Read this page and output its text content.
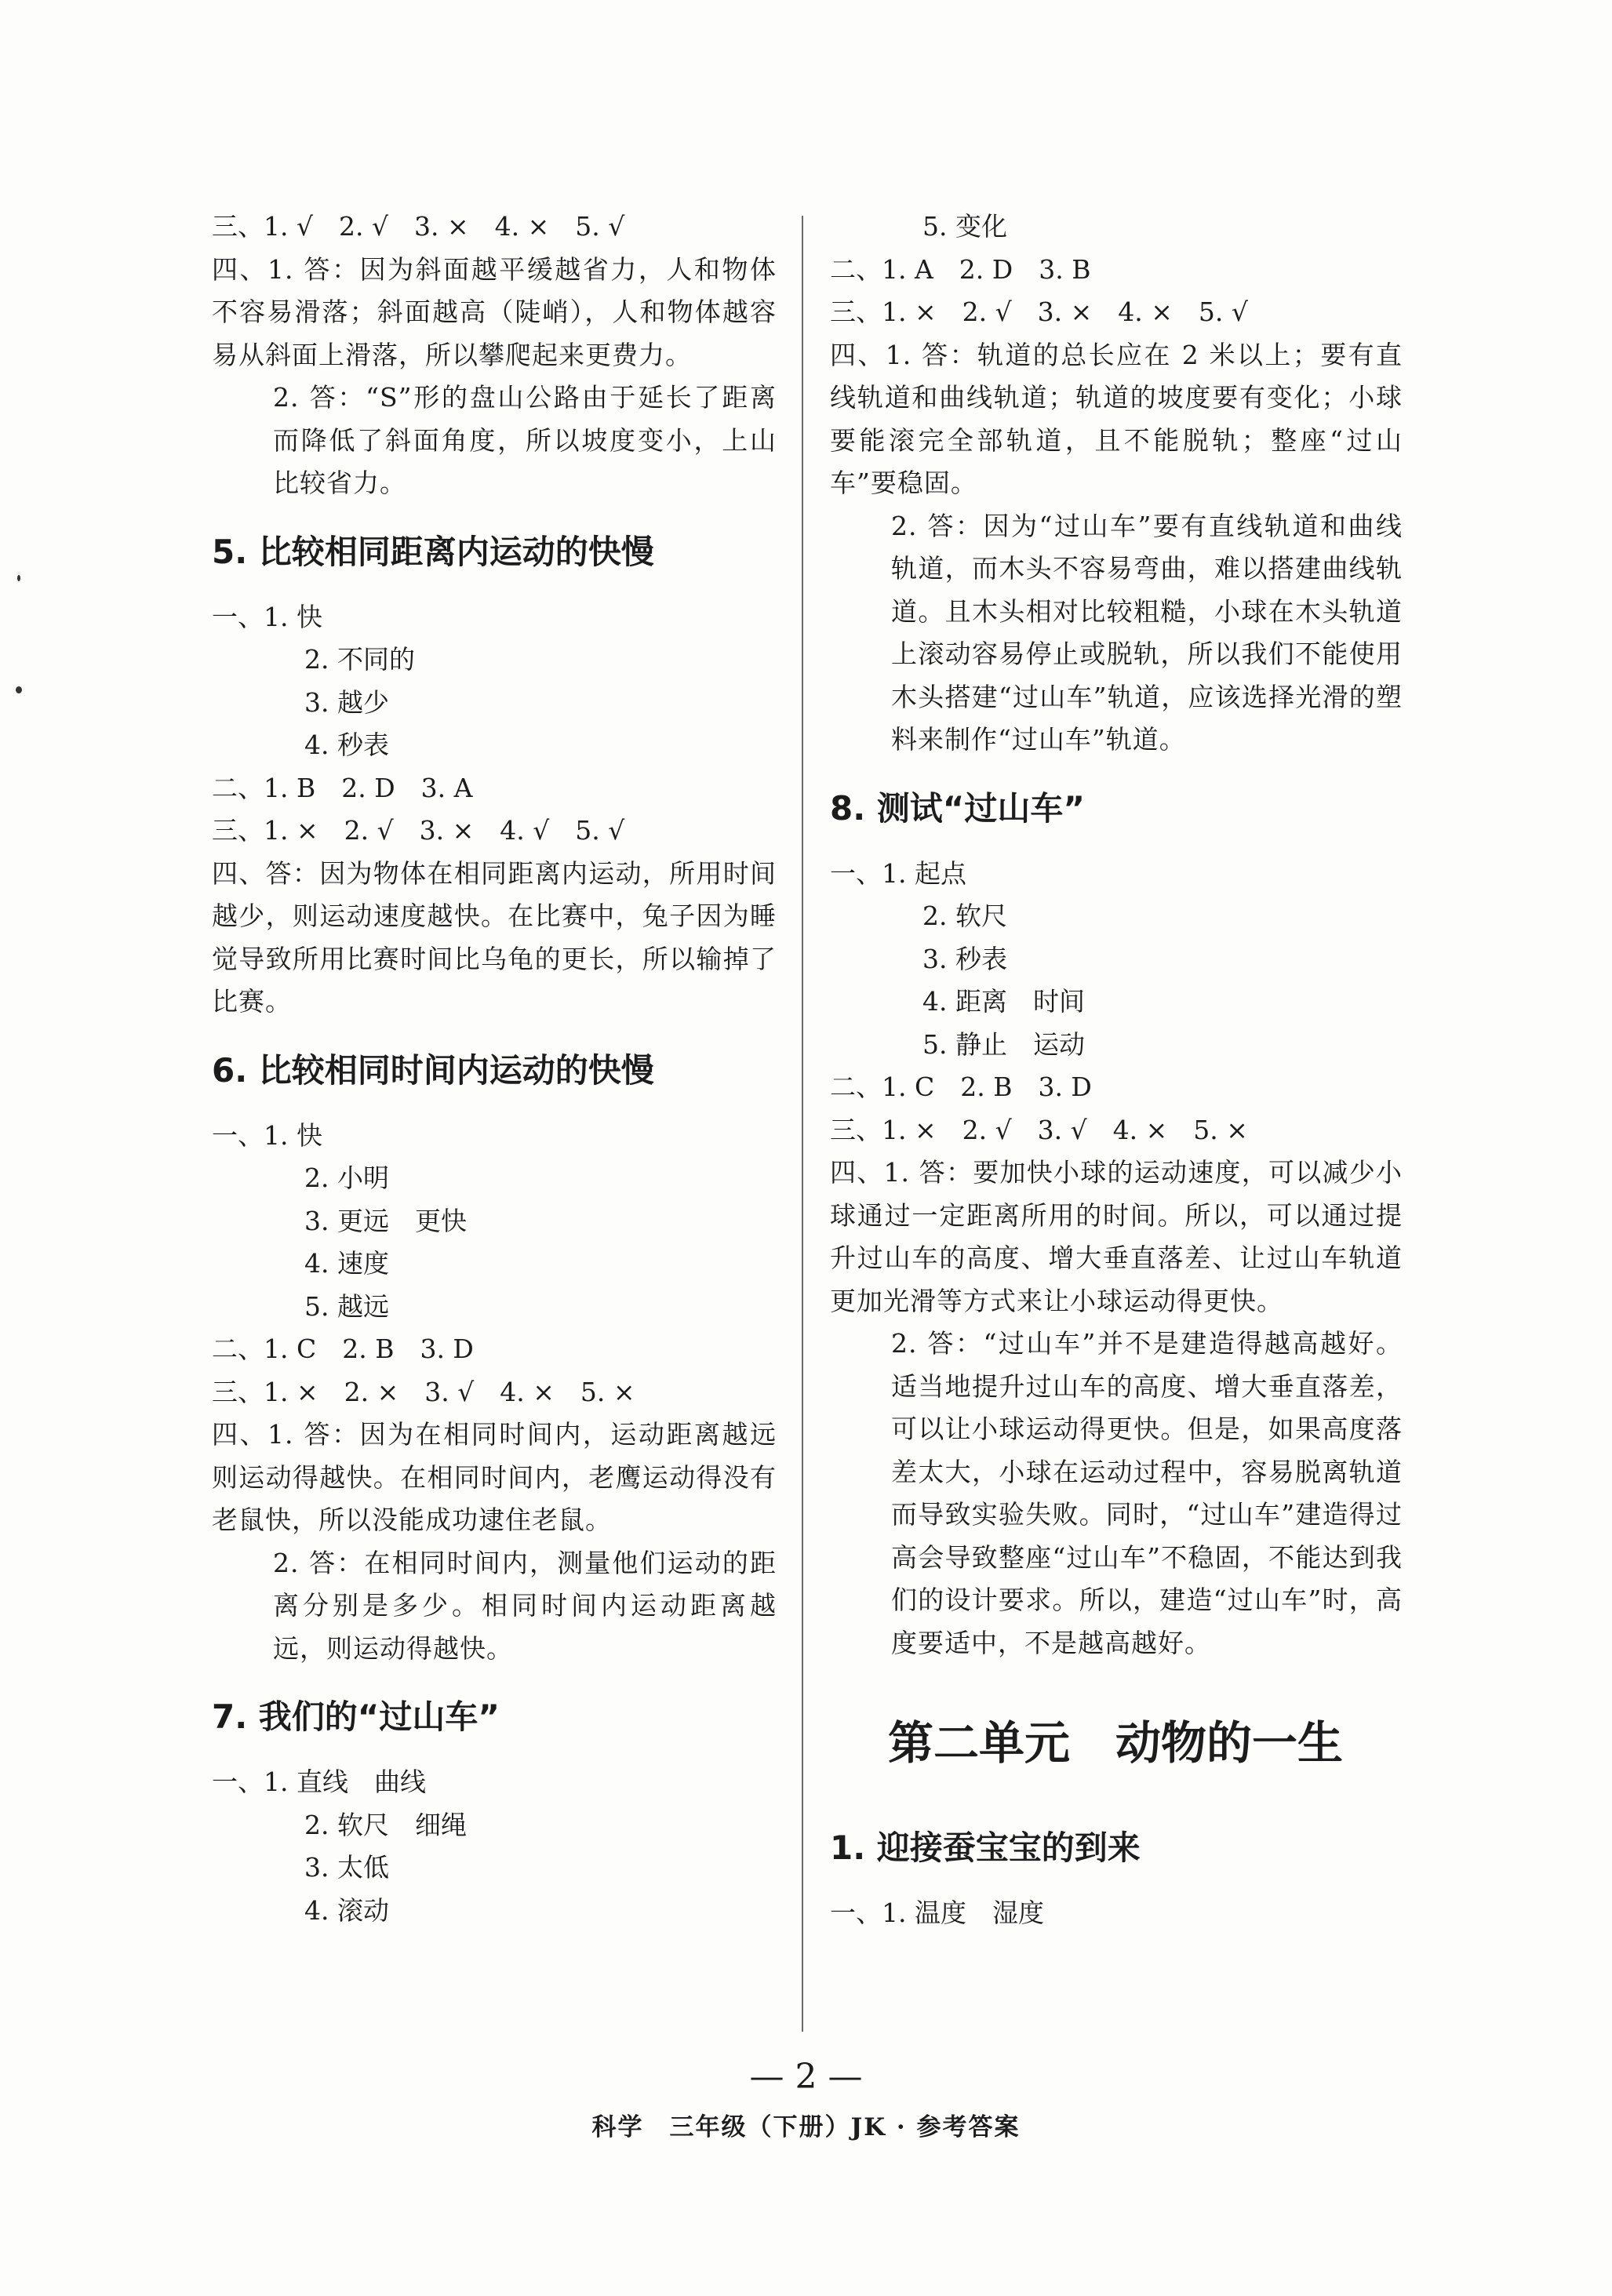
三、1. √　2. √　3. ×　4. ×　5. √
四、1. 答：因为斜面越平缓越省力，人和物体不容易滑落；斜面越高（陡峭），人和物体越容易从斜面上滑落，所以攀爬起来更费力。
2. 答：“S”形的盘山公路由于延长了距离而降低了斜面角度，所以坡度变小，上山比较省力。
5. 比较相同距离内运动的快慢
一、1. 快
2. 不同的
3. 越少
4. 秒表
二、1. B　2. D　3. A
三、1. ×　2. √　3. ×　4. √　5. √
四、答：因为物体在相同距离内运动，所用时间越少，则运动速度越快。在比赛中，兔子因为睡觉导致所用比赛时间比乌龟的更长，所以输掉了比赛。
6. 比较相同时间内运动的快慢
一、1. 快
2. 小明
3. 更远　更快
4. 速度
5. 越远
二、1. C　2. B　3. D
三、1. ×　2. ×　3. √　4. ×　5. ×
四、1. 答：因为在相同时间内，运动距离越远则运动得越快。在相同时间内，老鹰运动得没有老鼠快，所以没能成功逮住老鼠。
2. 答：在相同时间内，测量他们运动的距离分别是多少。相同时间内运动距离越远，则运动得越快。
7. 我们的“过山车”
一、1. 直线　曲线
2. 软尺　细绳
3. 太低
4. 滚动
5. 变化
二、1. A　2. D　3. B
三、1. ×　2. √　3. ×　4. ×　5. √
四、1. 答：轨道的总长应在 2 米以上；要有直线轨道和曲线轨道；轨道的坡度要有变化；小球要能滚完全部轨道，且不能脱轨；整座“过山车”要稳固。
2. 答：因为“过山车”要有直线轨道和曲线轨道，而木头不容易弯曲，难以搭建曲线轨道。且木头相对比较粗糙，小球在木头轨道上滚动容易停止或脱轨，所以我们不能使用木头搭建“过山车”轨道，应该选择光滑的塑料来制作“过山车”轨道。
8. 测试“过山车”
一、1. 起点
2. 软尺
3. 秒表
4. 距离　时间
5. 静止　运动
二、1. C　2. B　3. D
三、1. ×　2. √　3. √　4. ×　5. ×
四、1. 答：要加快小球的运动速度，可以减少小球通过一定距离所用的时间。所以，可以通过提升过山车的高度、增大垂直落差、让过山车轨道更加光滑等方式来让小球运动得更快。
2. 答：“过山车”并不是建造得越高越好。适当地提升过山车的高度、增大垂直落差，可以让小球运动得更快。但是，如果高度落差太大，小球在运动过程中，容易脱离轨道而导致实验失败。同时，“过山车”建造得过高会导致整座“过山车”不稳固，不能达到我们的设计要求。所以，建造“过山车”时，高度要适中，不是越高越好。
第二单元　动物的一生
1. 迎接蚕宝宝的到来
一、1. 温度　湿度
— 2 —
科学　三年级（下册）JK · 参考答案
